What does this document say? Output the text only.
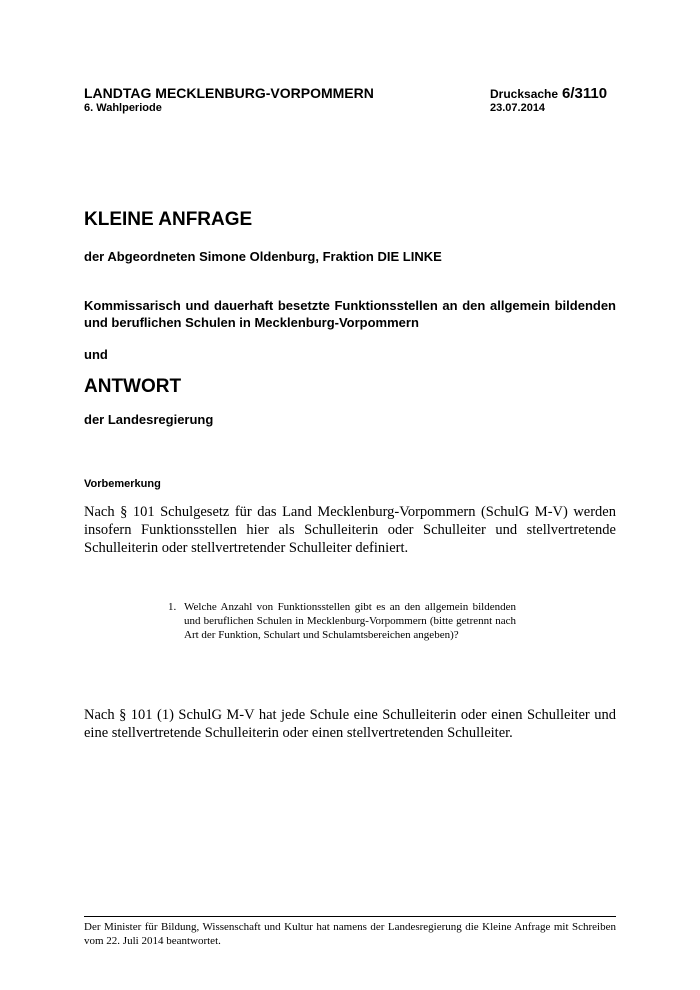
LANDTAG MECKLENBURG-VORPOMMERN
6. Wahlperiode
Drucksache 6/3110
23.07.2014
KLEINE ANFRAGE
der Abgeordneten Simone Oldenburg, Fraktion DIE LINKE
Kommissarisch und dauerhaft besetzte Funktionsstellen an den allgemein bildenden und beruflichen Schulen in Mecklenburg-Vorpommern
und
ANTWORT
der Landesregierung
Vorbemerkung
Nach § 101 Schulgesetz für das Land Mecklenburg-Vorpommern (SchulG M-V) werden insofern Funktionsstellen hier als Schulleiterin oder Schulleiter und stellvertretende Schulleiterin oder stellvertretender Schulleiter definiert.
1. Welche Anzahl von Funktionsstellen gibt es an den allgemein bildenden und beruflichen Schulen in Mecklenburg-Vorpommern (bitte getrennt nach Art der Funktion, Schulart und Schulamtsbereichen angeben)?
Nach § 101 (1) SchulG M-V hat jede Schule eine Schulleiterin oder einen Schulleiter und eine stellvertretende Schulleiterin oder einen stellvertretenden Schulleiter.
Der Minister für Bildung, Wissenschaft und Kultur hat namens der Landesregierung die Kleine Anfrage mit Schreiben vom 22. Juli 2014 beantwortet.
